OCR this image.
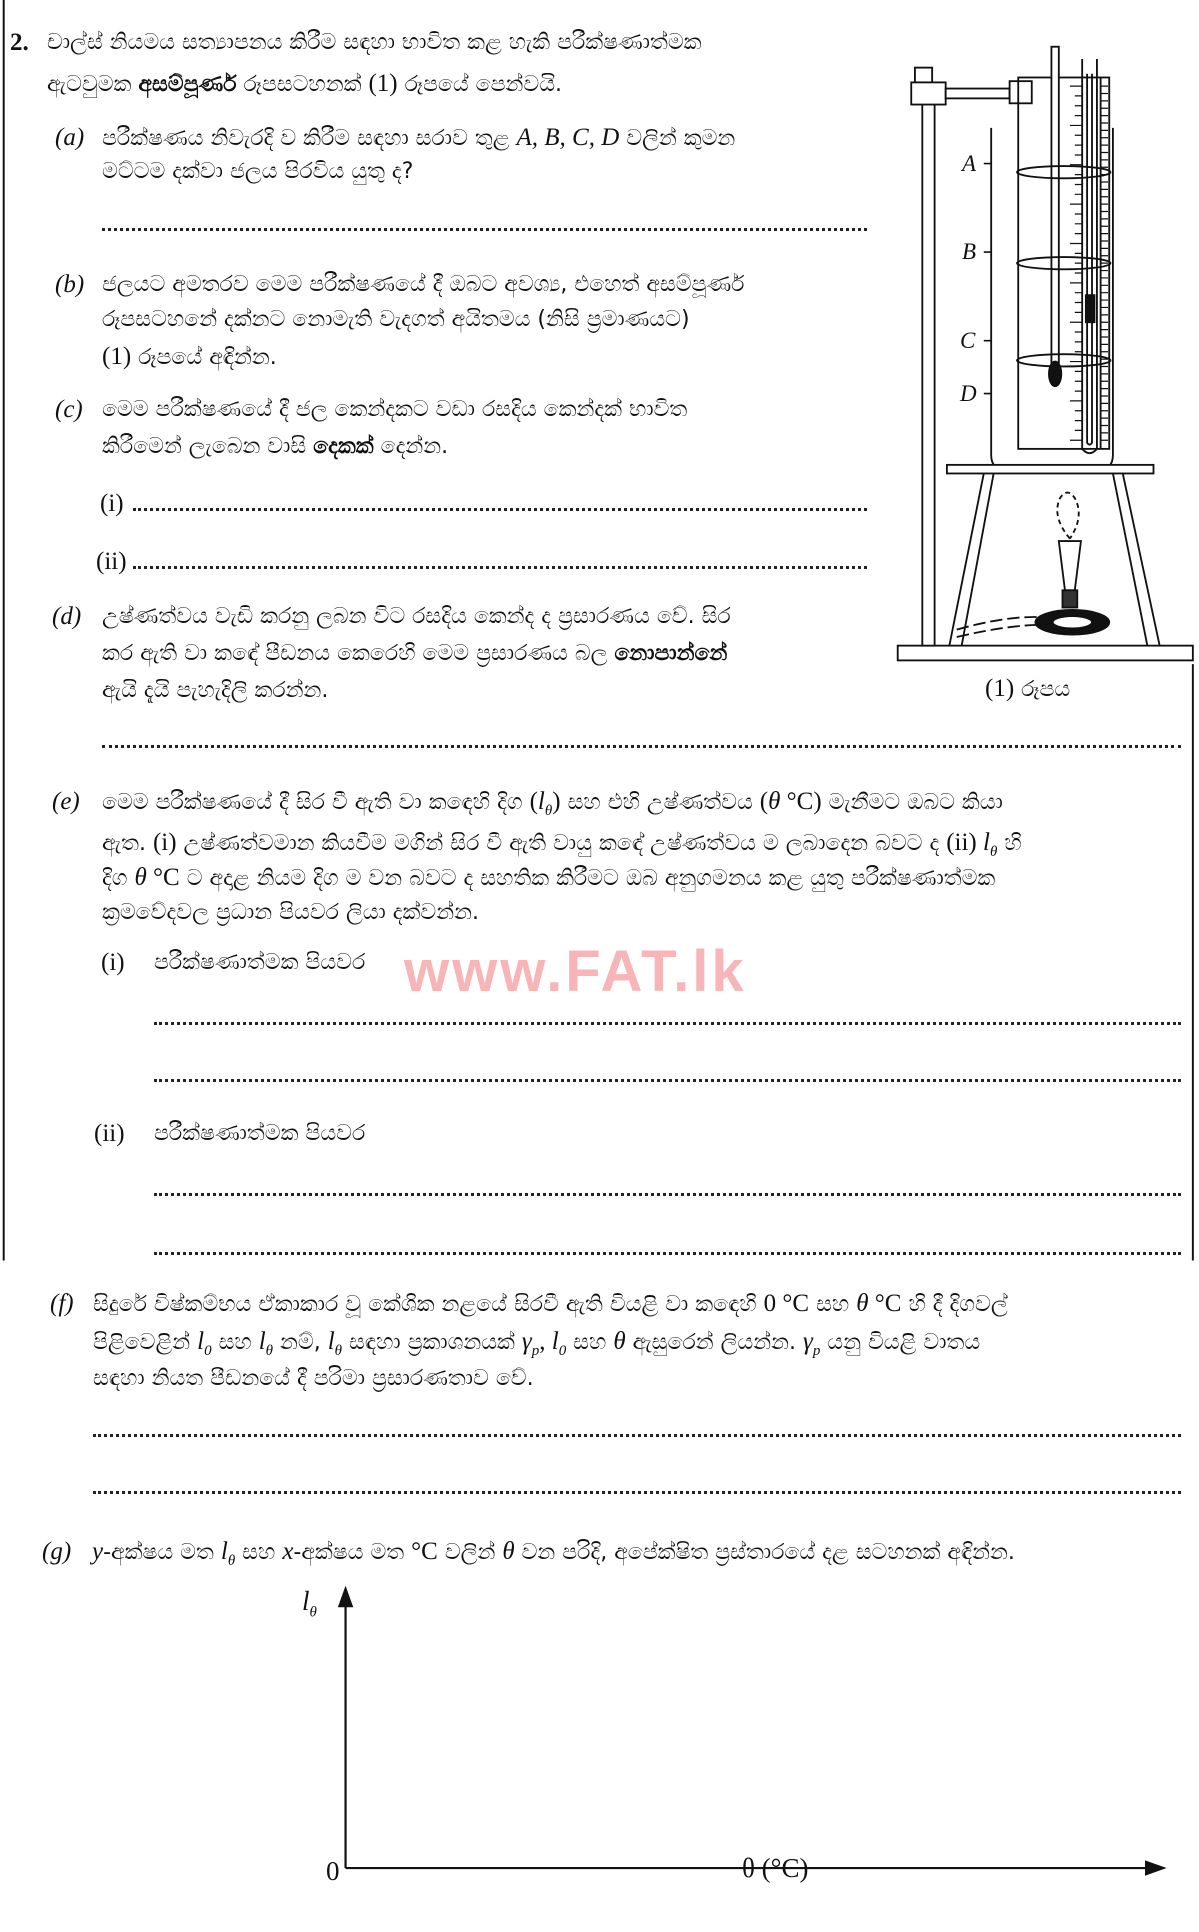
A
B
C
D
(1) රූපය
2. චාල්ස් නියමය සත්‍යාපනය කිරීම සඳහා භාවිත කළ හැකි පරීක්ෂණාත්මක
ඇටවුමක අසම්පූර්ණ රූපසටහනක් (1) රූපයේ පෙන්වයි.
(a) පරීක්ෂණය නිවැරදි ව කිරීම සඳහා සරාව තුළ A, B, C, D වලින් කුමන
මට්ටම දක්වා ජලය පිරවිය යුතු ද?
(b) ජලයට අමතරව මෙම පරීක්ෂණයේ දී ඔබට අවශ්‍ය, එහෙත් අසම්පූර්ණ
රූපසටහනේ දක්නට නොමැති වැදගත් අයිතමය (නිසි ප්‍රමාණයට)
(1) රූපයේ අඳින්න.
(c) මෙම පරීක්ෂණයේ දී ජල කෙන්දකට වඩා රසදිය කෙන්දක් භාවිත
කිරීමෙන් ලැබෙන වාසි දෙකක් දෙන්න.
(i)
(ii)
(d) උෂ්ණත්වය වැඩි කරනු ලබන විට රසදිය කෙන්ද ද ප්‍රසාරණය වේ. සිර
කර ඇති වා කඳේ පීඩනය කෙරෙහි මෙම ප්‍රසාරණය බල නොපාන්නේ
ඇයි දැයි පැහැදිලි කරන්න.
(e) මෙම පරීක්ෂණයේ දී සිර වී ඇති වා කඳෙහි දිග $(l_\theta)$ සහ එහි උෂ්ණත්වය (θ °C) මැනීමට ඔබට කියා
ඇත. (i) උෂ්ණත්වමාන කියවීම මගින් සිර වී ඇති වායු කඳේ උෂ්ණත්වය ම ලබාදෙන බවට ද (ii) $l_\theta$ හි
දිග θ °C ට අදාළ නියම දිග ම වන බවට ද සහතික කිරීමට ඔබ අනුගමනය කළ යුතු පරීක්ෂණාත්මක
ක්‍රමවේදවල ප්‍රධාන පියවර ලියා දක්වන්න.
www.FAT.lk
(i) පරීක්ෂණාත්මක පියවර
(ii) පරීක්ෂණාත්මක පියවර
(f) සිදුරේ විෂ්කම්භය ඒකාකාර වූ කේශික නළයේ සිරවී ඇති වියළි වා කඳෙහි 0 °C සහ θ °C හි දී දිගවල්
පිළිවෙළින් $l_0$ සහ $l_\theta$ නම්, $l_\theta$ සඳහා ප්‍රකාශනයක් $\gamma_p$, $l_0$ සහ θ ඇසුරෙන් ලියන්න. $\gamma_p$ යනු වියළි වාතය
සඳහා නියත පීඩනයේ දී පරිමා ප්‍රසාරණතාව වේ.
(g) y-අක්ෂය මත $l_\theta$ සහ x-අක්ෂය මත °C වලින් θ වන පරිදි, අපේක්ෂිත ප්‍රස්තාරයේ දළ සටහනක් අඳින්න.
$l_\theta$
0	θ (°C)
